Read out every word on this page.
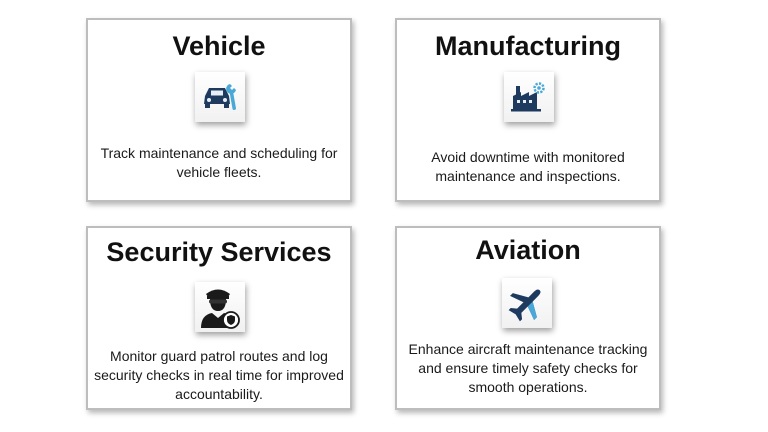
Vehicle
Track maintenance and scheduling for vehicle fleets.
Manufacturing
Avoid downtime with monitored maintenance and inspections.
Security Services
Monitor guard patrol routes and log security checks in real time for improved accountability.
Aviation
Enhance aircraft maintenance tracking and ensure timely safety checks for smooth operations.
